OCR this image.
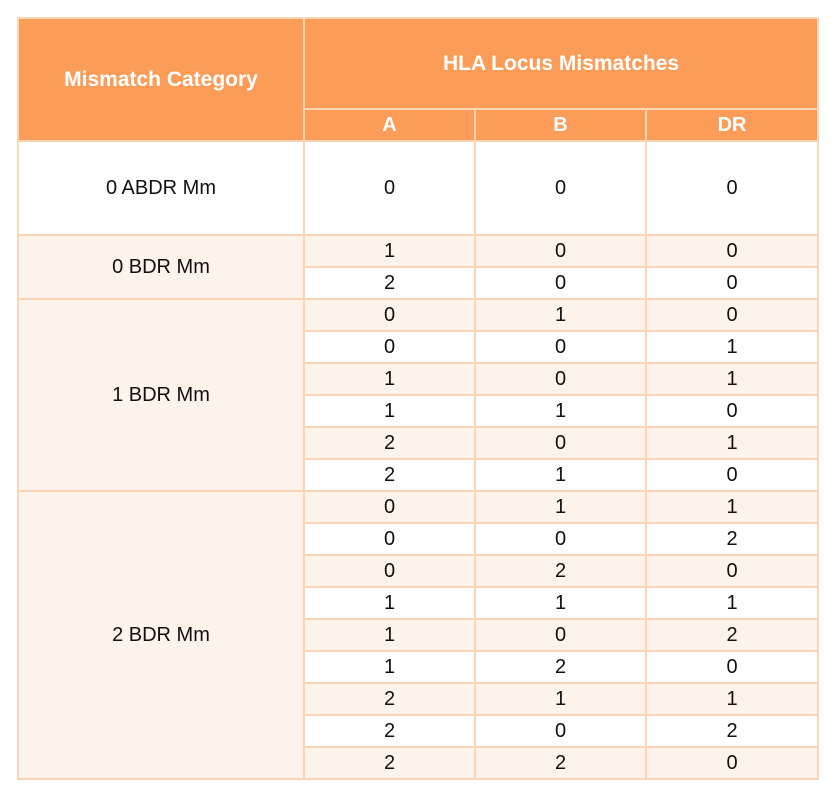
Mismatch Category	HLA Locus Mismatches		
	A	B	DR
0 ABDR Mm	0	0	0
0 BDR Mm	1	0	0
	2	0	0
1 BDR Mm	0	1	0
	0	0	1
	1	0	1
	1	1	0
	2	0	1
	2	1	0
2 BDR Mm	0	1	1
	0	0	2
	0	2	0
	1	1	1
	1	0	2
	1	2	0
	2	1	1
	2	0	2
	2	2	0
